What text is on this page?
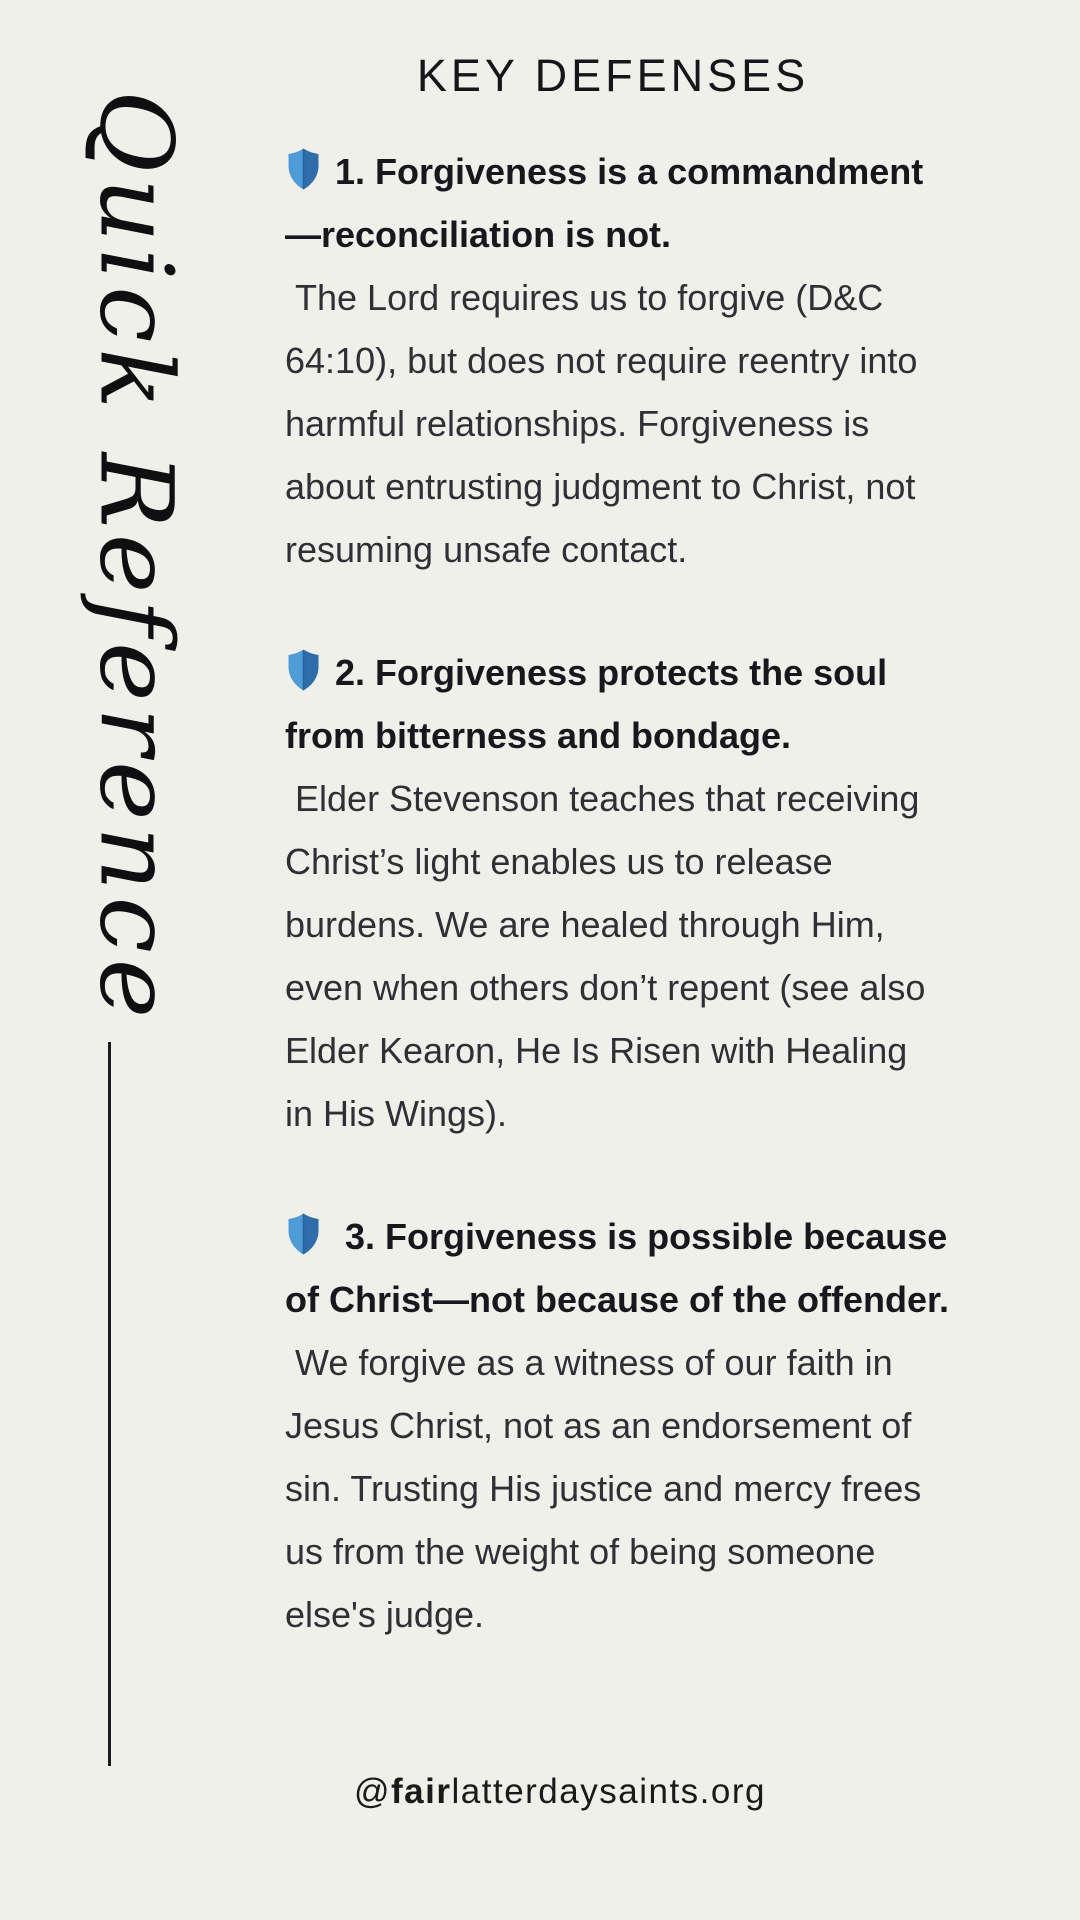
KEY DEFENSES
Quick Reference	1. Forgiveness is a commandment
—reconciliation is not.

The Lord requires us to forgive (D&C
64:10), but does not require reentry into
harmful relationships. Forgiveness is
about entrusting judgment to Christ, not
resuming unsafe contact.

2. Forgiveness protects the soul
from bitterness and bondage.

Elder Stevenson teaches that receiving
Christ’s light enables us to release
burdens. We are healed through Him,
even when others don’t repent (see also
Elder Kearon, He Is Risen with Healing
in His Wings).

3. Forgiveness is possible because
of Christ—not because of the offender.

We forgive as a witness of our faith in
Jesus Christ, not as an endorsement of
sin. Trusting His justice and mercy frees
us from the weight of being someone
else's judge.

@fairlatterdaysaints.org
